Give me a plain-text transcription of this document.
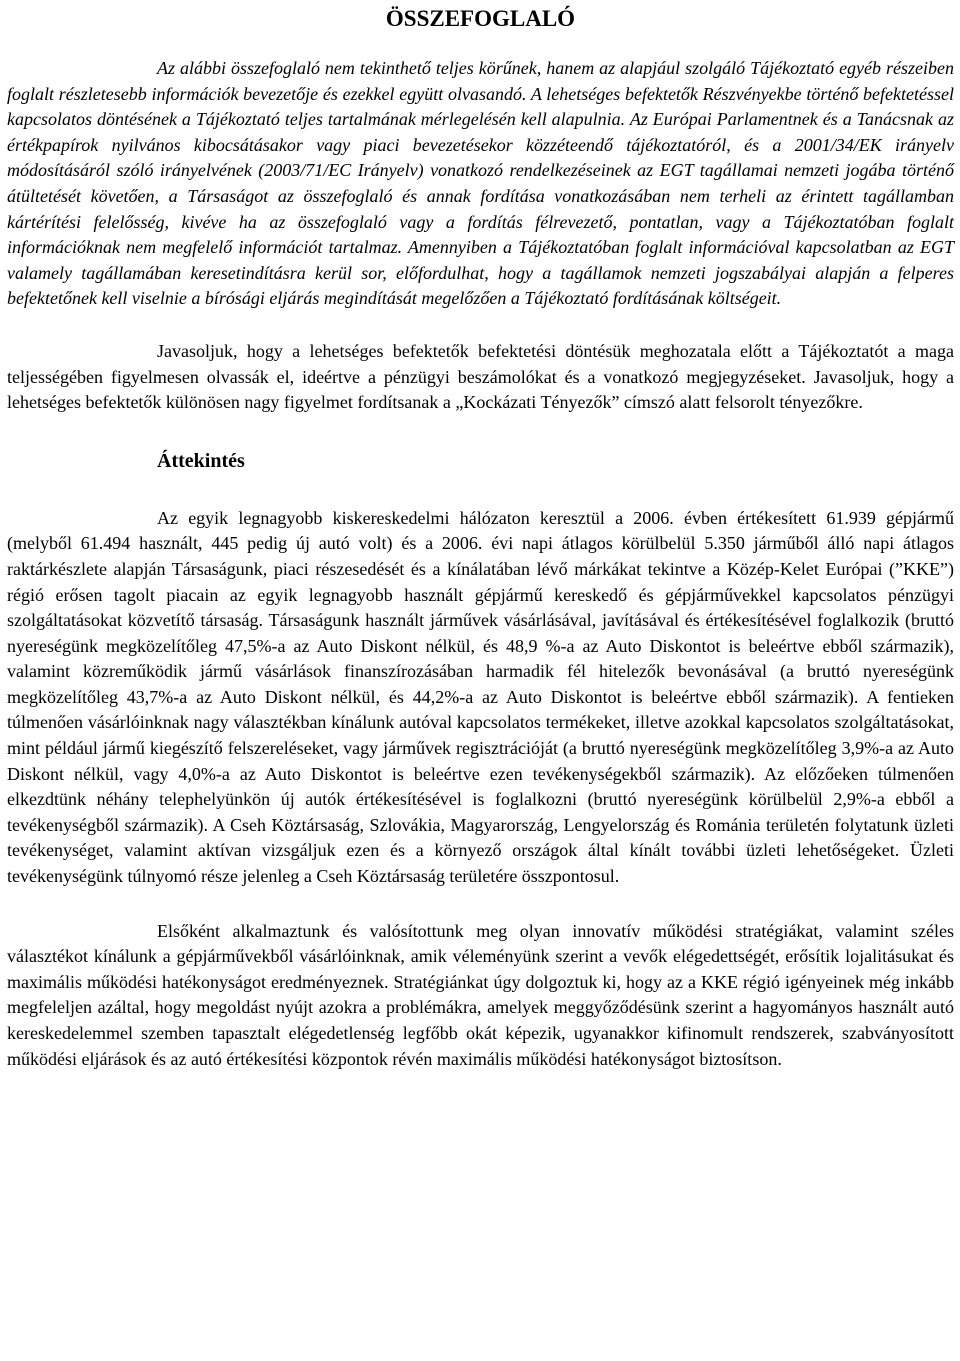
ÖSSZEFOGLALÓ

Az alábbi összefoglaló nem tekinthető teljes körűnek, hanem az alapjául szolgáló Tájékoztató egyéb részeiben foglalt részletesebb információk bevezetője és ezekkel együtt olvasandó. A lehetséges befektetők Részvényekbe történő befektetéssel kapcsolatos döntésének a Tájékoztató teljes tartalmának mérlegelésén kell alapulnia. Az Európai Parlamentnek és a Tanácsnak az értékpapírok nyilvános kibocsátásakor vagy piaci bevezetésekor közzéteendő tájékoztatóról, és a 2001/34/EK irányelv módosításáról szóló irányelvének (2003/71/EC Irányelv) vonatkozó rendelkezéseinek az EGT tagállamai nemzeti jogába történő átültetését követően, a Társaságot az összefoglaló és annak fordítása vonatkozásában nem terheli az érintett tagállamban kártérítési felelősség, kivéve ha az összefoglaló vagy a fordítás félrevezető, pontatlan, vagy a Tájékoztatóban foglalt információknak nem megfelelő információt tartalmaz. Amennyiben a Tájékoztatóban foglalt információval kapcsolatban az EGT valamely tagállamában keresetindításra kerül sor, előfordulhat, hogy a tagállamok nemzeti jogszabályai alapján a felperes befektetőnek kell viselnie a bírósági eljárás megindítását megelőzően a Tájékoztató fordításának költségeit.

Javasoljuk, hogy a lehetséges befektetők befektetési döntésük meghozatala előtt a Tájékoztatót a maga teljességében figyelmesen olvassák el, ideértve a pénzügyi beszámolókat és a vonatkozó megjegyzéseket. Javasoljuk, hogy a lehetséges befektetők különösen nagy figyelmet fordítsanak a „Kockázati Tényezők” címszó alatt felsorolt tényezőkre.

Áttekintés

Az egyik legnagyobb kiskereskedelmi hálózaton keresztül a 2006. évben értékesített 61.939 gépjármű (melyből 61.494 használt, 445 pedig új autó volt) és a 2006. évi napi átlagos körülbelül 5.350 járműből álló napi átlagos raktárkészlete alapján Társaságunk, piaci részesedését és a kínálatában lévő márkákat tekintve a Közép-Kelet Európai (”KKE”) régió erősen tagolt piacain az egyik legnagyobb használt gépjármű kereskedő és gépjárművekkel kapcsolatos pénzügyi szolgáltatásokat közvetítő társaság. Társaságunk használt járművek vásárlásával, javításával és értékesítésével foglalkozik (bruttó nyereségünk megközelítőleg 47,5%-a az Auto Diskont nélkül, és 48,9 %-a az Auto Diskontot is beleértve ebből származik), valamint közreműködik jármű vásárlások finanszírozásában harmadik fél hitelezők bevonásával (a bruttó nyereségünk megközelítőleg 43,7%-a az Auto Diskont nélkül, és 44,2%-a az Auto Diskontot is beleértve ebből származik). A fentieken túlmenően vásárlóinknak nagy választékban kínálunk autóval kapcsolatos termékeket, illetve azokkal kapcsolatos szolgáltatásokat, mint például jármű kiegészítő felszereléseket, vagy járművek regisztrációját (a bruttó nyereségünk megközelítőleg 3,9%-a az Auto Diskont nélkül, vagy 4,0%-a az Auto Diskontot is beleértve ezen tevékenységekből származik). Az előzőeken túlmenően elkezdtünk néhány telephelyünkön új autók értékesítésével is foglalkozni (bruttó nyereségünk körülbelül 2,9%-a ebből a tevékenységből származik). A Cseh Köztársaság, Szlovákia, Magyarország, Lengyelország és Románia területén folytatunk üzleti tevékenységet, valamint aktívan vizsgáljuk ezen és a környező országok által kínált további üzleti lehetőségeket. Üzleti tevékenységünk túlnyomó része jelenleg a Cseh Köztársaság területére összpontosul.

Elsőként alkalmaztunk és valósítottunk meg olyan innovatív működési stratégiákat, valamint széles választékot kínálunk a gépjárművekből vásárlóinknak, amik véleményünk szerint a vevők elégedettségét, erősítik lojalitásukat és maximális működési hatékonyságot eredményeznek. Stratégiánkat úgy dolgoztuk ki, hogy az a KKE régió igényeinek még inkább megfeleljen azáltal, hogy megoldást nyújt azokra a problémákra, amelyek meggyőződésünk szerint a hagyományos használt autó kereskedelemmel szemben tapasztalt elégedetlenség legfőbb okát képezik, ugyanakkor kifinomult rendszerek, szabványosított működési eljárások és az autó értékesítési központok révén maximális működési hatékonyságot biztosítson.
